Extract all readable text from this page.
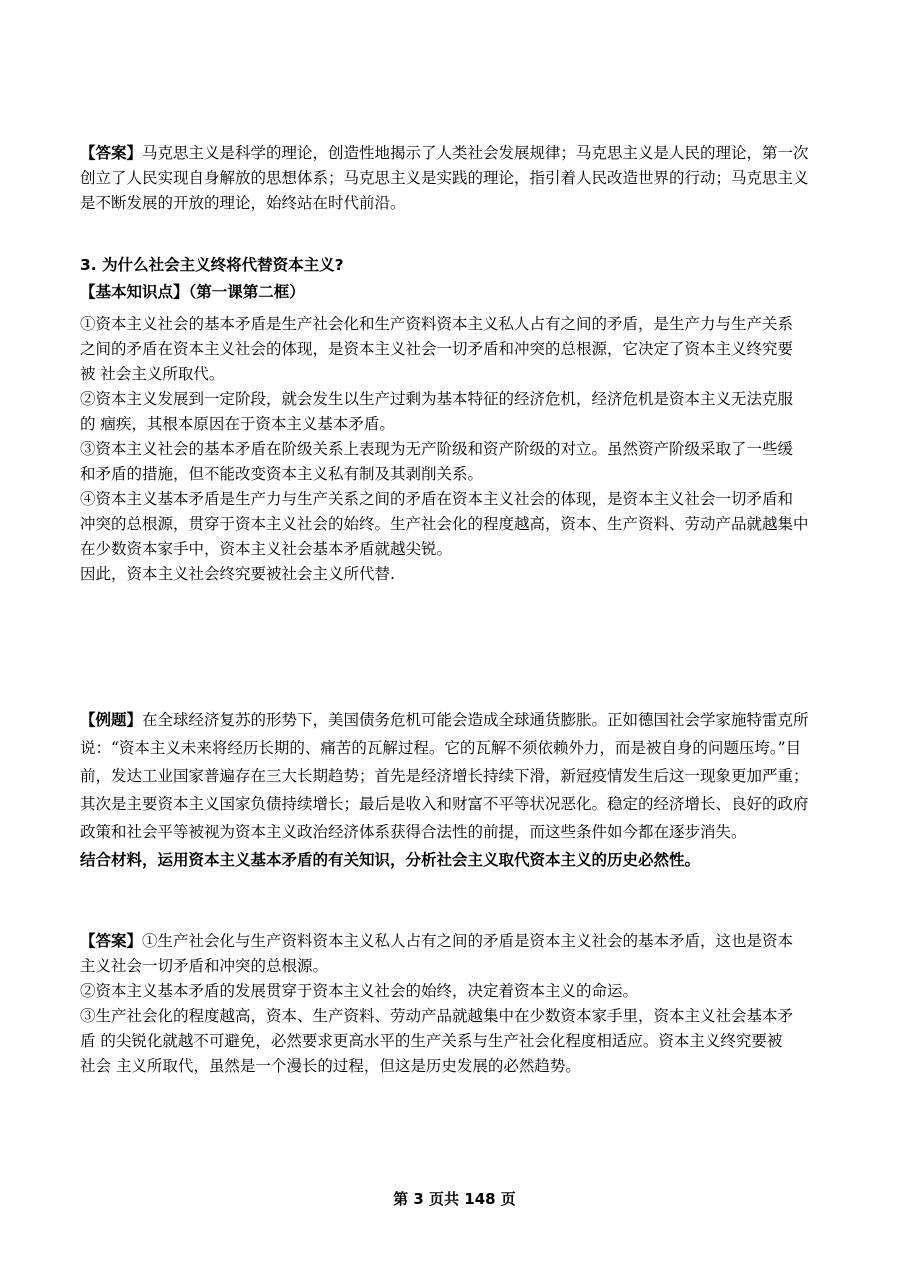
【答案】马克思主义是科学的理论，创造性地揭示了人类社会发展规律；马克思主义是人民的理论，第一次

创立了人民实现自身解放的思想体系；马克思主义是实践的理论，指引着人民改造世界的行动；马克思主义

是不断发展的开放的理论，始终站在时代前沿。

3. 为什么社会主义终将代替资本主义?
【基本知识点】（第一课第二框）

①资本主义社会的基本矛盾是生产社会化和生产资料资本主义私人占有之间的矛盾，是生产力与生产关系

之间的矛盾在资本主义社会的体现，是资本主义社会一切矛盾和冲突的总根源，它决定了资本主义终究要

被 社会主义所取代。

②资本主义发展到一定阶段，就会发生以生产过剩为基本特征的经济危机，经济危机是资本主义无法克服

的 痼疾，其根本原因在于资本主义基本矛盾。

③资本主义社会的基本矛盾在阶级关系上表现为无产阶级和资产阶级的对立。虽然资产阶级采取了一些缓

和矛盾的措施，但不能改变资本主义私有制及其剥削关系。

④资本主义基本矛盾是生产力与生产关系之间的矛盾在资本主义社会的体现，是资本主义社会一切矛盾和

冲突的总根源，贯穿于资本主义社会的始终。生产社会化的程度越高，资本、生产资料、劳动产品就越集中

在少数资本家手中，资本主义社会基本矛盾就越尖锐。

因此，资本主义社会终究要被社会主义所代替.

【例题】在全球经济复苏的形势下，美国债务危机可能会造成全球通货膨胀。正如德国社会学家施特雷克所

说：“资本主义未来将经历长期的、痛苦的瓦解过程。它的瓦解不须依赖外力，而是被自身的问题压垮。”目

前，发达工业国家普遍存在三大长期趋势；首先是经济增长持续下滑，新冠疫情发生后这一现象更加严重；

其次是主要资本主义国家负债持续增长；最后是收入和财富不平等状况恶化。稳定的经济增长、良好的政府

政策和社会平等被视为资本主义政治经济体系获得合法性的前提，而这些条件如今都在逐步消失。

结合材料，运用资本主义基本矛盾的有关知识，分析社会主义取代资本主义的历史必然性。

【答案】①生产社会化与生产资料资本主义私人占有之间的矛盾是资本主义社会的基本矛盾，这也是资本

主义社会一切矛盾和冲突的总根源。

②资本主义基本矛盾的发展贯穿于资本主义社会的始终，决定着资本主义的命运。

③生产社会化的程度越高，资本、生产资料、劳动产品就越集中在少数资本家手里，资本主义社会基本矛

盾 的尖锐化就越不可避免，必然要求更高水平的生产关系与生产社会化程度相适应。资本主义终究要被

社会 主义所取代，虽然是一个漫长的过程，但这是历史发展的必然趋势。

第 3 页共 148 页
